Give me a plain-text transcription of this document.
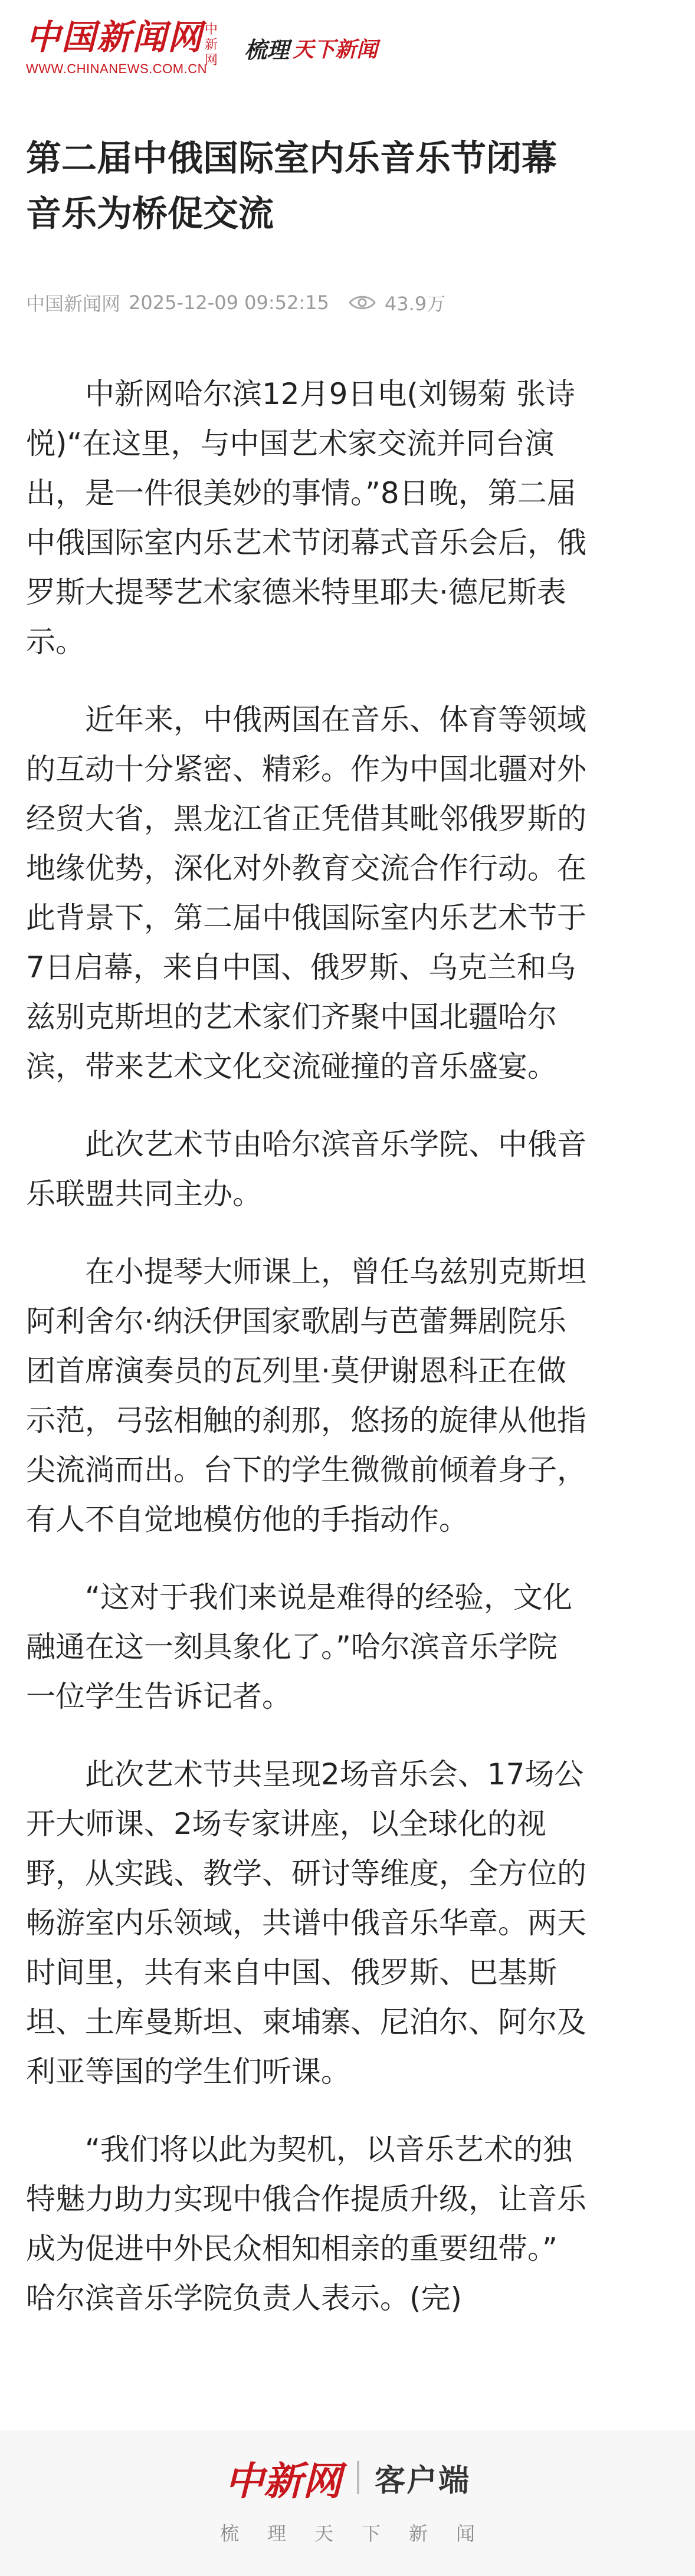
中国新闻网 中新网
WWW.CHINANEWS.COM.CN
梳理 天下新闻
第二届中俄国际室内乐音乐节闭幕
音乐为桥促交流
中国新闻网 2025-12-09 09:52:15	43.9万

中新网哈尔滨12月9日电(刘锡菊 张诗
悦)“在这里，与中国艺术家交流并同台演
出，是一件很美妙的事情。”8日晚，第二届
中俄国际室内乐艺术节闭幕式音乐会后，俄
罗斯大提琴艺术家德米特里耶夫·德尼斯表
示。

近年来，中俄两国在音乐、体育等领域
的互动十分紧密、精彩。作为中国北疆对外
经贸大省，黑龙江省正凭借其毗邻俄罗斯的
地缘优势，深化对外教育交流合作行动。在
此背景下，第二届中俄国际室内乐艺术节于
7日启幕，来自中国、俄罗斯、乌克兰和乌
兹别克斯坦的艺术家们齐聚中国北疆哈尔
滨，带来艺术文化交流碰撞的音乐盛宴。

此次艺术节由哈尔滨音乐学院、中俄音
乐联盟共同主办。

在小提琴大师课上，曾任乌兹别克斯坦
阿利舍尔·纳沃伊国家歌剧与芭蕾舞剧院乐
团首席演奏员的瓦列里·莫伊谢恩科正在做
示范，弓弦相触的刹那，悠扬的旋律从他指
尖流淌而出。台下的学生微微前倾着身子，
有人不自觉地模仿他的手指动作。

“这对于我们来说是难得的经验，文化
融通在这一刻具象化了。”哈尔滨音乐学院
一位学生告诉记者。

此次艺术节共呈现2场音乐会、17场公
开大师课、2场专家讲座，以全球化的视
野，从实践、教学、研讨等维度，全方位的
畅游室内乐领域，共谱中俄音乐华章。两天
时间里，共有来自中国、俄罗斯、巴基斯
坦、土库曼斯坦、柬埔寨、尼泊尔、阿尔及
利亚等国的学生们听课。

“我们将以此为契机，以音乐艺术的独
特魅力助力实现中俄合作提质升级，让音乐
成为促进中外民众相知相亲的重要纽带。”
哈尔滨音乐学院负责人表示。(完)

中新网 客户端
梳理天下新闻
